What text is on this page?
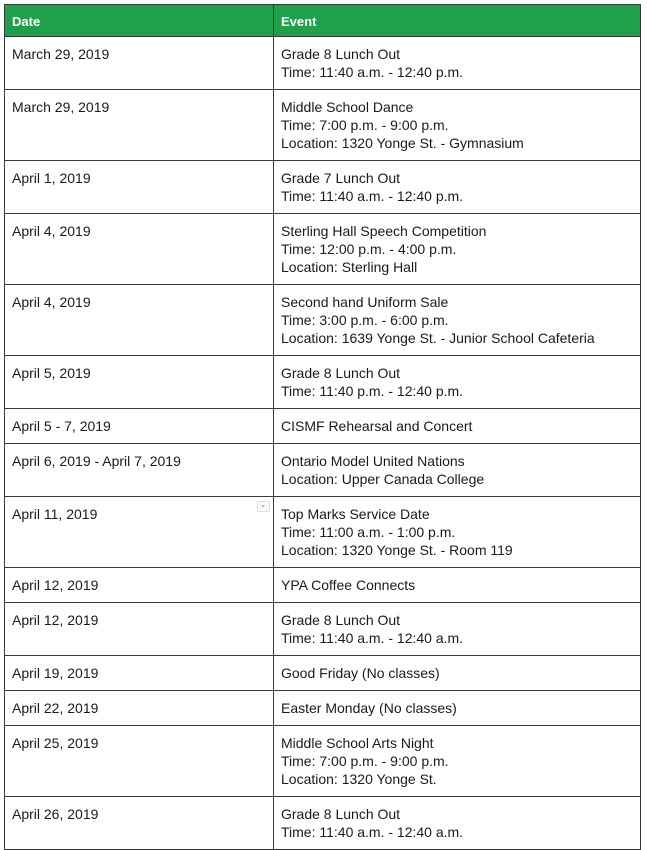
Date	Event

March 29, 2019	Grade 8 Lunch Out
Time: 11:40 a.m. - 12:40 p.m.

March 29, 2019	Middle School Dance
Time: 7:00 p.m. - 9:00 p.m.
Location: 1320 Yonge St. - Gymnasium

April 1, 2019	Grade 7 Lunch Out
Time: 11:40 a.m. - 12:40 p.m.

April 4, 2019	Sterling Hall Speech Competition
Time: 12:00 p.m. - 4:00 p.m.
Location: Sterling Hall

April 4, 2019	Second hand Uniform Sale
Time: 3:00 p.m. - 6:00 p.m.
Location: 1639 Yonge St. - Junior School Cafeteria

April 5, 2019	Grade 8 Lunch Out
Time: 11:40 p.m. - 12:40 p.m.

April 5 - 7, 2019	CISMF Rehearsal and Concert

April 6, 2019 - April 7, 2019	Ontario Model United Nations
Location: Upper Canada College

April 11, 2019	Top Marks Service Date
Time: 11:00 a.m. - 1:00 p.m.
Location: 1320 Yonge St. - Room 119

April 12, 2019	YPA Coffee Connects

April 12, 2019	Grade 8 Lunch Out
Time: 11:40 a.m. - 12:40 a.m.

April 19, 2019	Good Friday (No classes)

April 22, 2019	Easter Monday (No classes)

April 25, 2019	Middle School Arts Night
Time: 7:00 p.m. - 9:00 p.m.
Location: 1320 Yonge St.

April 26, 2019	Grade 8 Lunch Out
Time: 11:40 a.m. - 12:40 a.m.
